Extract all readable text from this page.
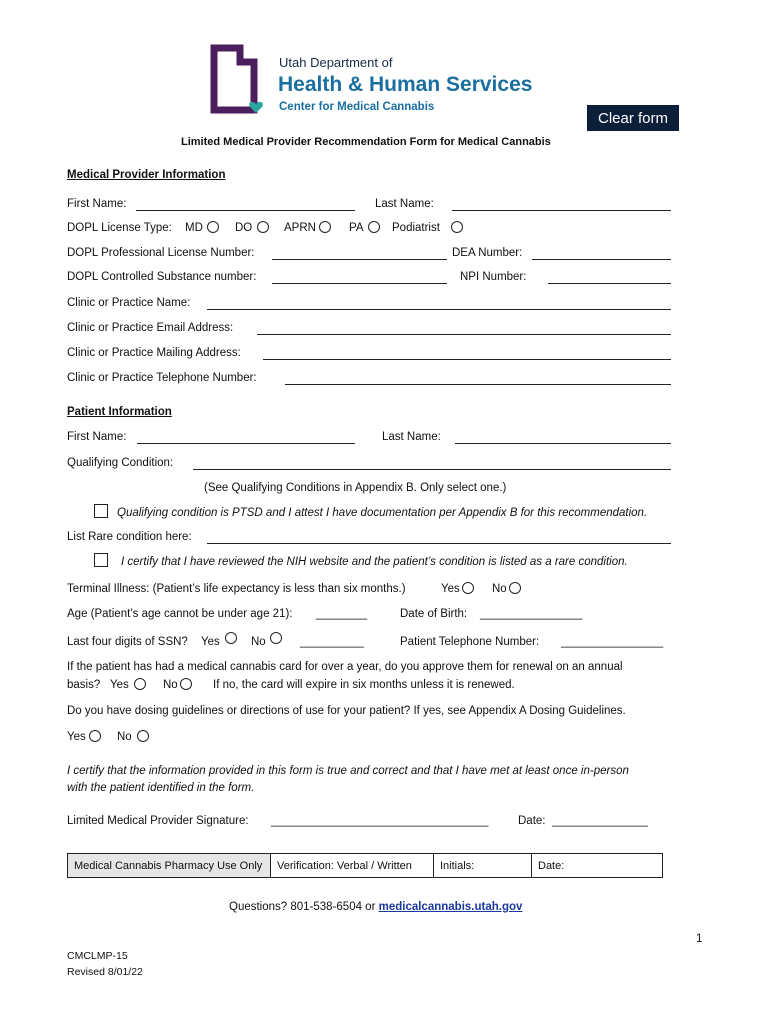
Utah Department of
Health & Human Services
Center for Medical Cannabis
Clear form
Limited Medical Provider Recommendation Form for Medical Cannabis
Medical Provider Information
First Name:	Last Name:
DOPL License Type: MD	DO	APRN	PA Podiatrist
DOPL Professional License Number:	DEA Number:
DOPL Controlled Substance number:	NPI Number:
Clinic or Practice Name:
Clinic or Practice Email Address:
Clinic or Practice Mailing Address:
Clinic or Practice Telephone Number:
Patient Information
First Name:	Last Name:
Qualifying Condition:
(See Qualifying Conditions in Appendix B. Only select one.)
Qualifying condition is PTSD and I attest I have documentation per Appendix B for this recommendation.
List Rare condition here:
I certify that I have reviewed the NIH website and the patient’s condition is listed as a rare condition.
Terminal Illness: (Patient’s life expectancy is less than six months.)	Yes	No
Age (Patient’s age cannot be under age 21): ________	Date of Birth: ________________
Last four digits of SSN? Yes	No	__________	Patient Telephone Number: ________________
If the patient has had a medical cannabis card for over a year, do you approve them for renewal on an annual
basis? Yes	No	If no, the card will expire in six months unless it is renewed.
Do you have dosing guidelines or directions of use for your patient? If yes, see Appendix A Dosing Guidelines.
Yes	No
I certify that the information provided in this form is true and correct and that I have met at least once in-person
with the patient identified in the form.
Limited Medical Provider Signature: __________________________________	Date: _______________
Medical Cannabis Pharmacy Use Only	Verification: Verbal / Written	Initials:	Date:
Questions? 801-538-6504 or medicalcannabis.utah.gov
1
CMCLMP-15
Revised 8/01/22
